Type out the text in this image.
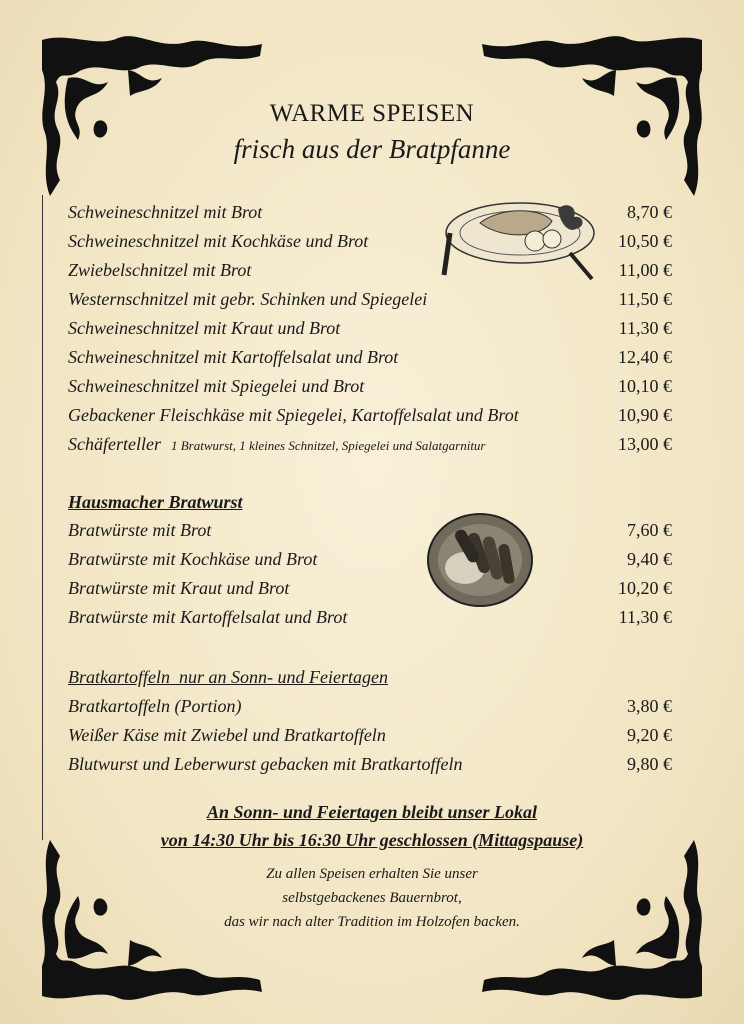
WARME SPEISEN
frisch aus der Bratpfanne
Schweineschnitzel mit Brot	8,70 €
Schweineschnitzel mit Kochkäse und Brot	10,50 €
Zwiebelschnitzel mit Brot	11,00 €
Westernschnitzel mit gebr. Schinken und Spiegelei	11,50 €
Schweineschnitzel mit Kraut und Brot	11,30 €
Schweineschnitzel mit Kartoffelsalat und Brot	12,40 €
Schweineschnitzel mit Spiegelei und Brot	10,10 €
Gebackener Fleischkäse mit Spiegelei, Kartoffelsalat und Brot	10,90 €
Schäferteller 1 Bratwurst, 1 kleines Schnitzel, Spiegelei und Salatgarnitur	13,00 €
Hausmacher Bratwurst
Bratwürste mit Brot	7,60 €
Bratwürste mit Kochkäse und Brot	9,40 €
Bratwürste mit Kraut und Brot	10,20 €
Bratwürste mit Kartoffelsalat und Brot	11,30 €
Bratkartoffeln nur an Sonn- und Feiertagen
Bratkartoffeln (Portion)	3,80 €
Weißer Käse mit Zwiebel und Bratkartoffeln	9,20 €
Blutwurst und Leberwurst gebacken mit Bratkartoffeln	9,80 €
An Sonn- und Feiertagen bleibt unser Lokal
von 14:30 Uhr bis 16:30 Uhr geschlossen (Mittagspause)
Zu allen Speisen erhalten Sie unser
selbstgebackenes Bauernbrot,
das wir nach alter Tradition im Holzofen backen.
